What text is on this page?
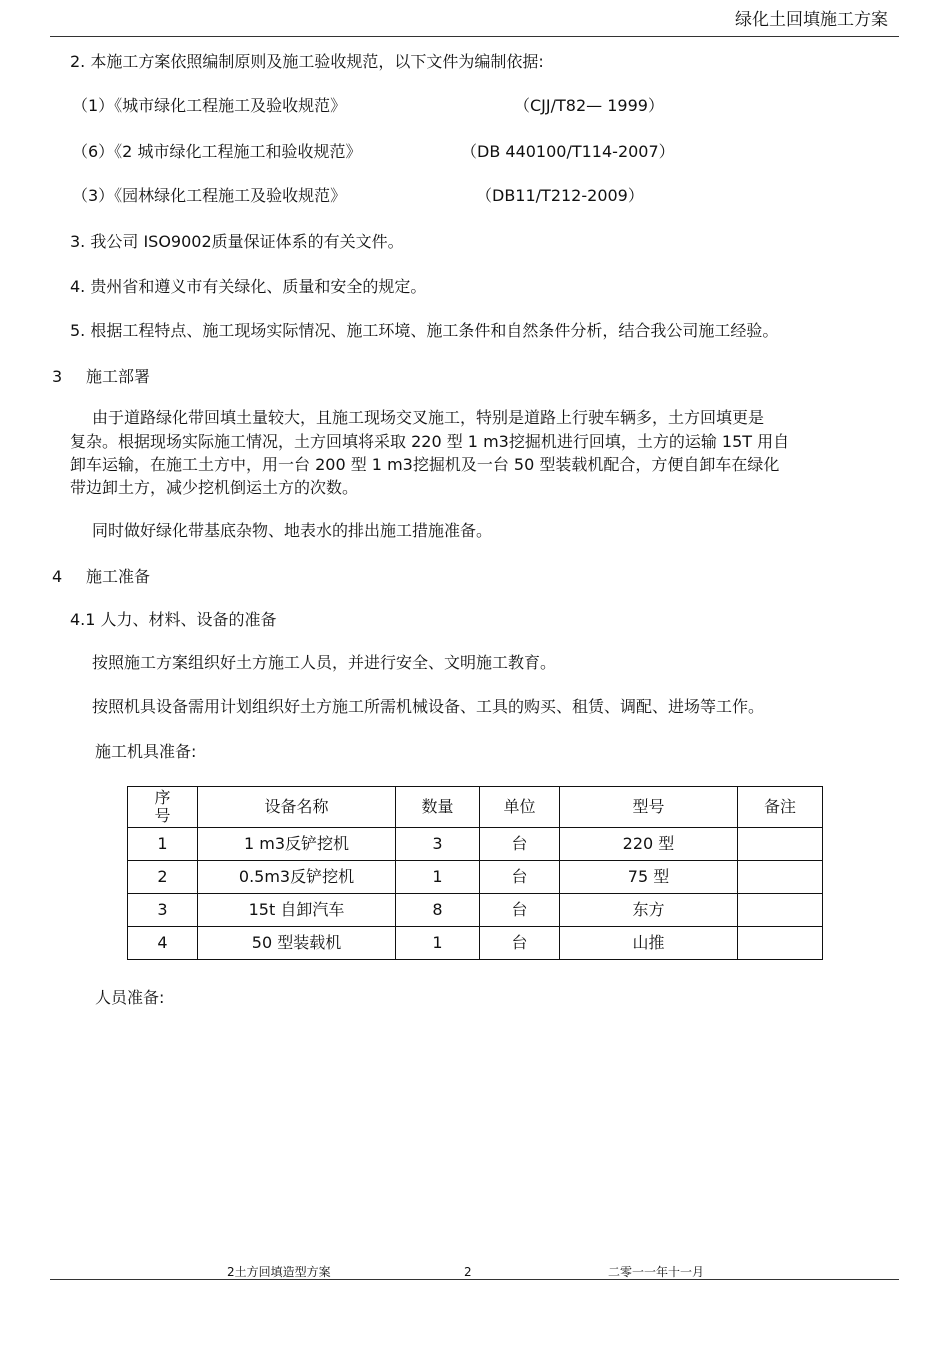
绿化土回填施工方案
2. 本施工方案依照编制原则及施工验收规范，以下文件为编制依据:
（1）《城市绿化工程施工及验收规范》	（CJJ/T82— 1999）
（6）《2 城市绿化工程施工和验收规范》	（DB 440100/T114-2007）
（3）《园林绿化工程施工及验收规范》	（DB11/T212-2009）
3. 我公司 ISO9002质量保证体系的有关文件。
4. 贵州省和遵义市有关绿化、质量和安全的规定。
5. 根据工程特点、施工现场实际情况、施工环境、施工条件和自然条件分析，结合我公司施工经验。
3 施工部署
由于道路绿化带回填土量较大，且施工现场交叉施工，特别是道路上行驶车辆多，土方回填更是
复杂。根据现场实际施工情况，土方回填将采取 220 型 1 m3挖掘机进行回填，土方的运输 15T 用自
卸车运输，在施工土方中，用一台 200 型 1 m3挖掘机及一台 50 型装载机配合，方便自卸车在绿化
带边卸土方，减少挖机倒运土方的次数。
同时做好绿化带基底杂物、地表水的排出施工措施准备。
4 施工准备
4.1 人力、材料、设备的准备
按照施工方案组织好土方施工人员，并进行安全、文明施工教育。
按照机具设备需用计划组织好土方施工所需机械设备、工具的购买、租赁、调配、进场等工作。
施工机具准备:
序号	设备名称	数量	单位	型号	备注
1	1 m3反铲挖机	3	台	220 型	
2	0.5m3反铲挖机	1	台	75 型	
3	15t 自卸汽车	8	台	东方	
4	50 型装载机	1	台	山推	
人员准备:
2土方回填造型方案	2	二零一一年十一月
